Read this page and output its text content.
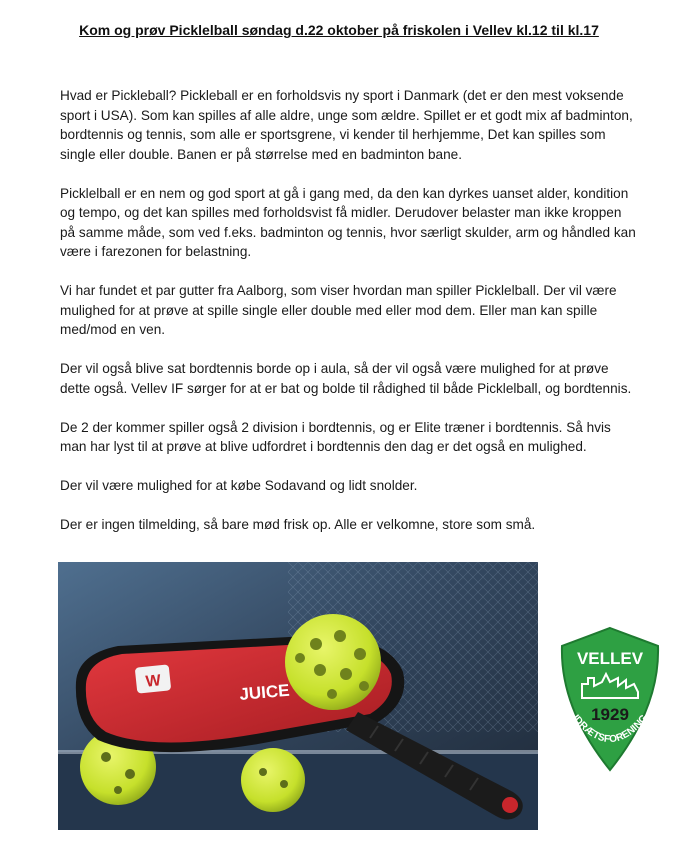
Kom og prøv Picklelball søndag d.22 oktober på friskolen i Vellev kl.12 til kl.17

Hvad er Pickleball? Pickleball er en forholdsvis ny sport i Danmark (det er den mest voksende sport i USA). Som kan spilles af alle aldre, unge som ældre. Spillet er et godt mix af badminton, bordtennis og tennis, som alle er sportsgrene, vi kender til herhjemme, Det kan spilles som single eller double. Banen er på størrelse med en badminton bane.

Picklelball er en nem og god sport at gå i gang med, da den kan dyrkes uanset alder, kondition og tempo, og det kan spilles med forholdsvist få midler. Derudover belaster man ikke kroppen på samme måde, som ved f.eks. badminton og tennis, hvor særligt skulder, arm og håndled kan være i farezonen for belastning.

Vi har fundet et par gutter fra Aalborg, som viser hvordan man spiller Picklelball. Der vil være mulighed for at prøve at spille single eller double med eller mod dem. Eller man kan spille med/mod en ven.

Der vil også blive sat bordtennis borde op i aula, så der vil også være mulighed for at prøve dette også. Vellev IF sørger for at er bat og bolde til rådighed til både Picklelball, og bordtennis.

De 2 der kommer spiller også 2 division i bordtennis, og er Elite træner i bordtennis. Så hvis man har lyst til at prøve at blive udfordret i bordtennis den dag er det også en mulighed.

Der vil være mulighed for at købe Sodavand og lidt snolder.

Der er ingen tilmelding, så bare mød frisk op. Alle er velkomne, store som små.

W	JUICE
VELLEV
1929
IDRÆTSFORENING
